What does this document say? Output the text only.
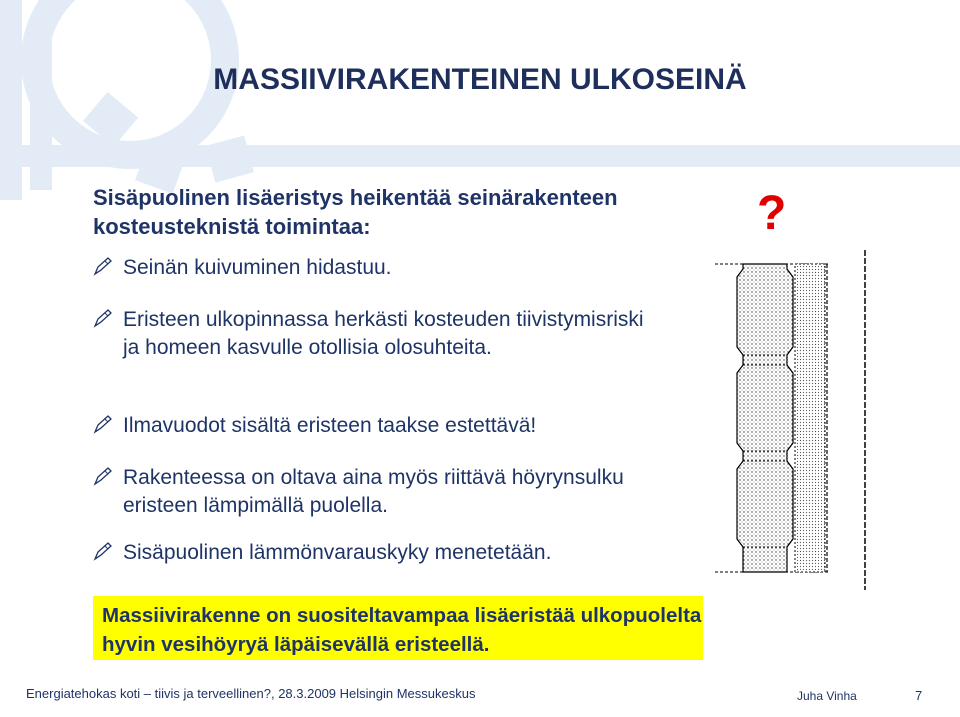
MASSIIVIRAKENTEINEN ULKOSEINÄ
Sisäpuolinen lisäeristys heikentää seinärakenteen kosteusteknistä toimintaa:
Seinän kuivuminen hidastuu.
Eristeen ulkopinnassa herkästi kosteuden tiivistymisriski ja homeen kasvulle otollisia olosuhteita.
Ilmavuodot sisältä eristeen taakse estettävä!
Rakenteessa on oltava aina myös riittävä höyrynsulku eristeen lämpimällä puolella.
Sisäpuolinen lämmönvarauskyky menetetään.
?
Massiivirakenne on suositeltavampaa lisäeristää ulkopuolelta hyvin vesihöyryä läpäisevällä eristeellä.
Energiatehokas koti – tiivis ja terveellinen?, 28.3.2009 Helsingin Messukeskus	Juha Vinha	7
